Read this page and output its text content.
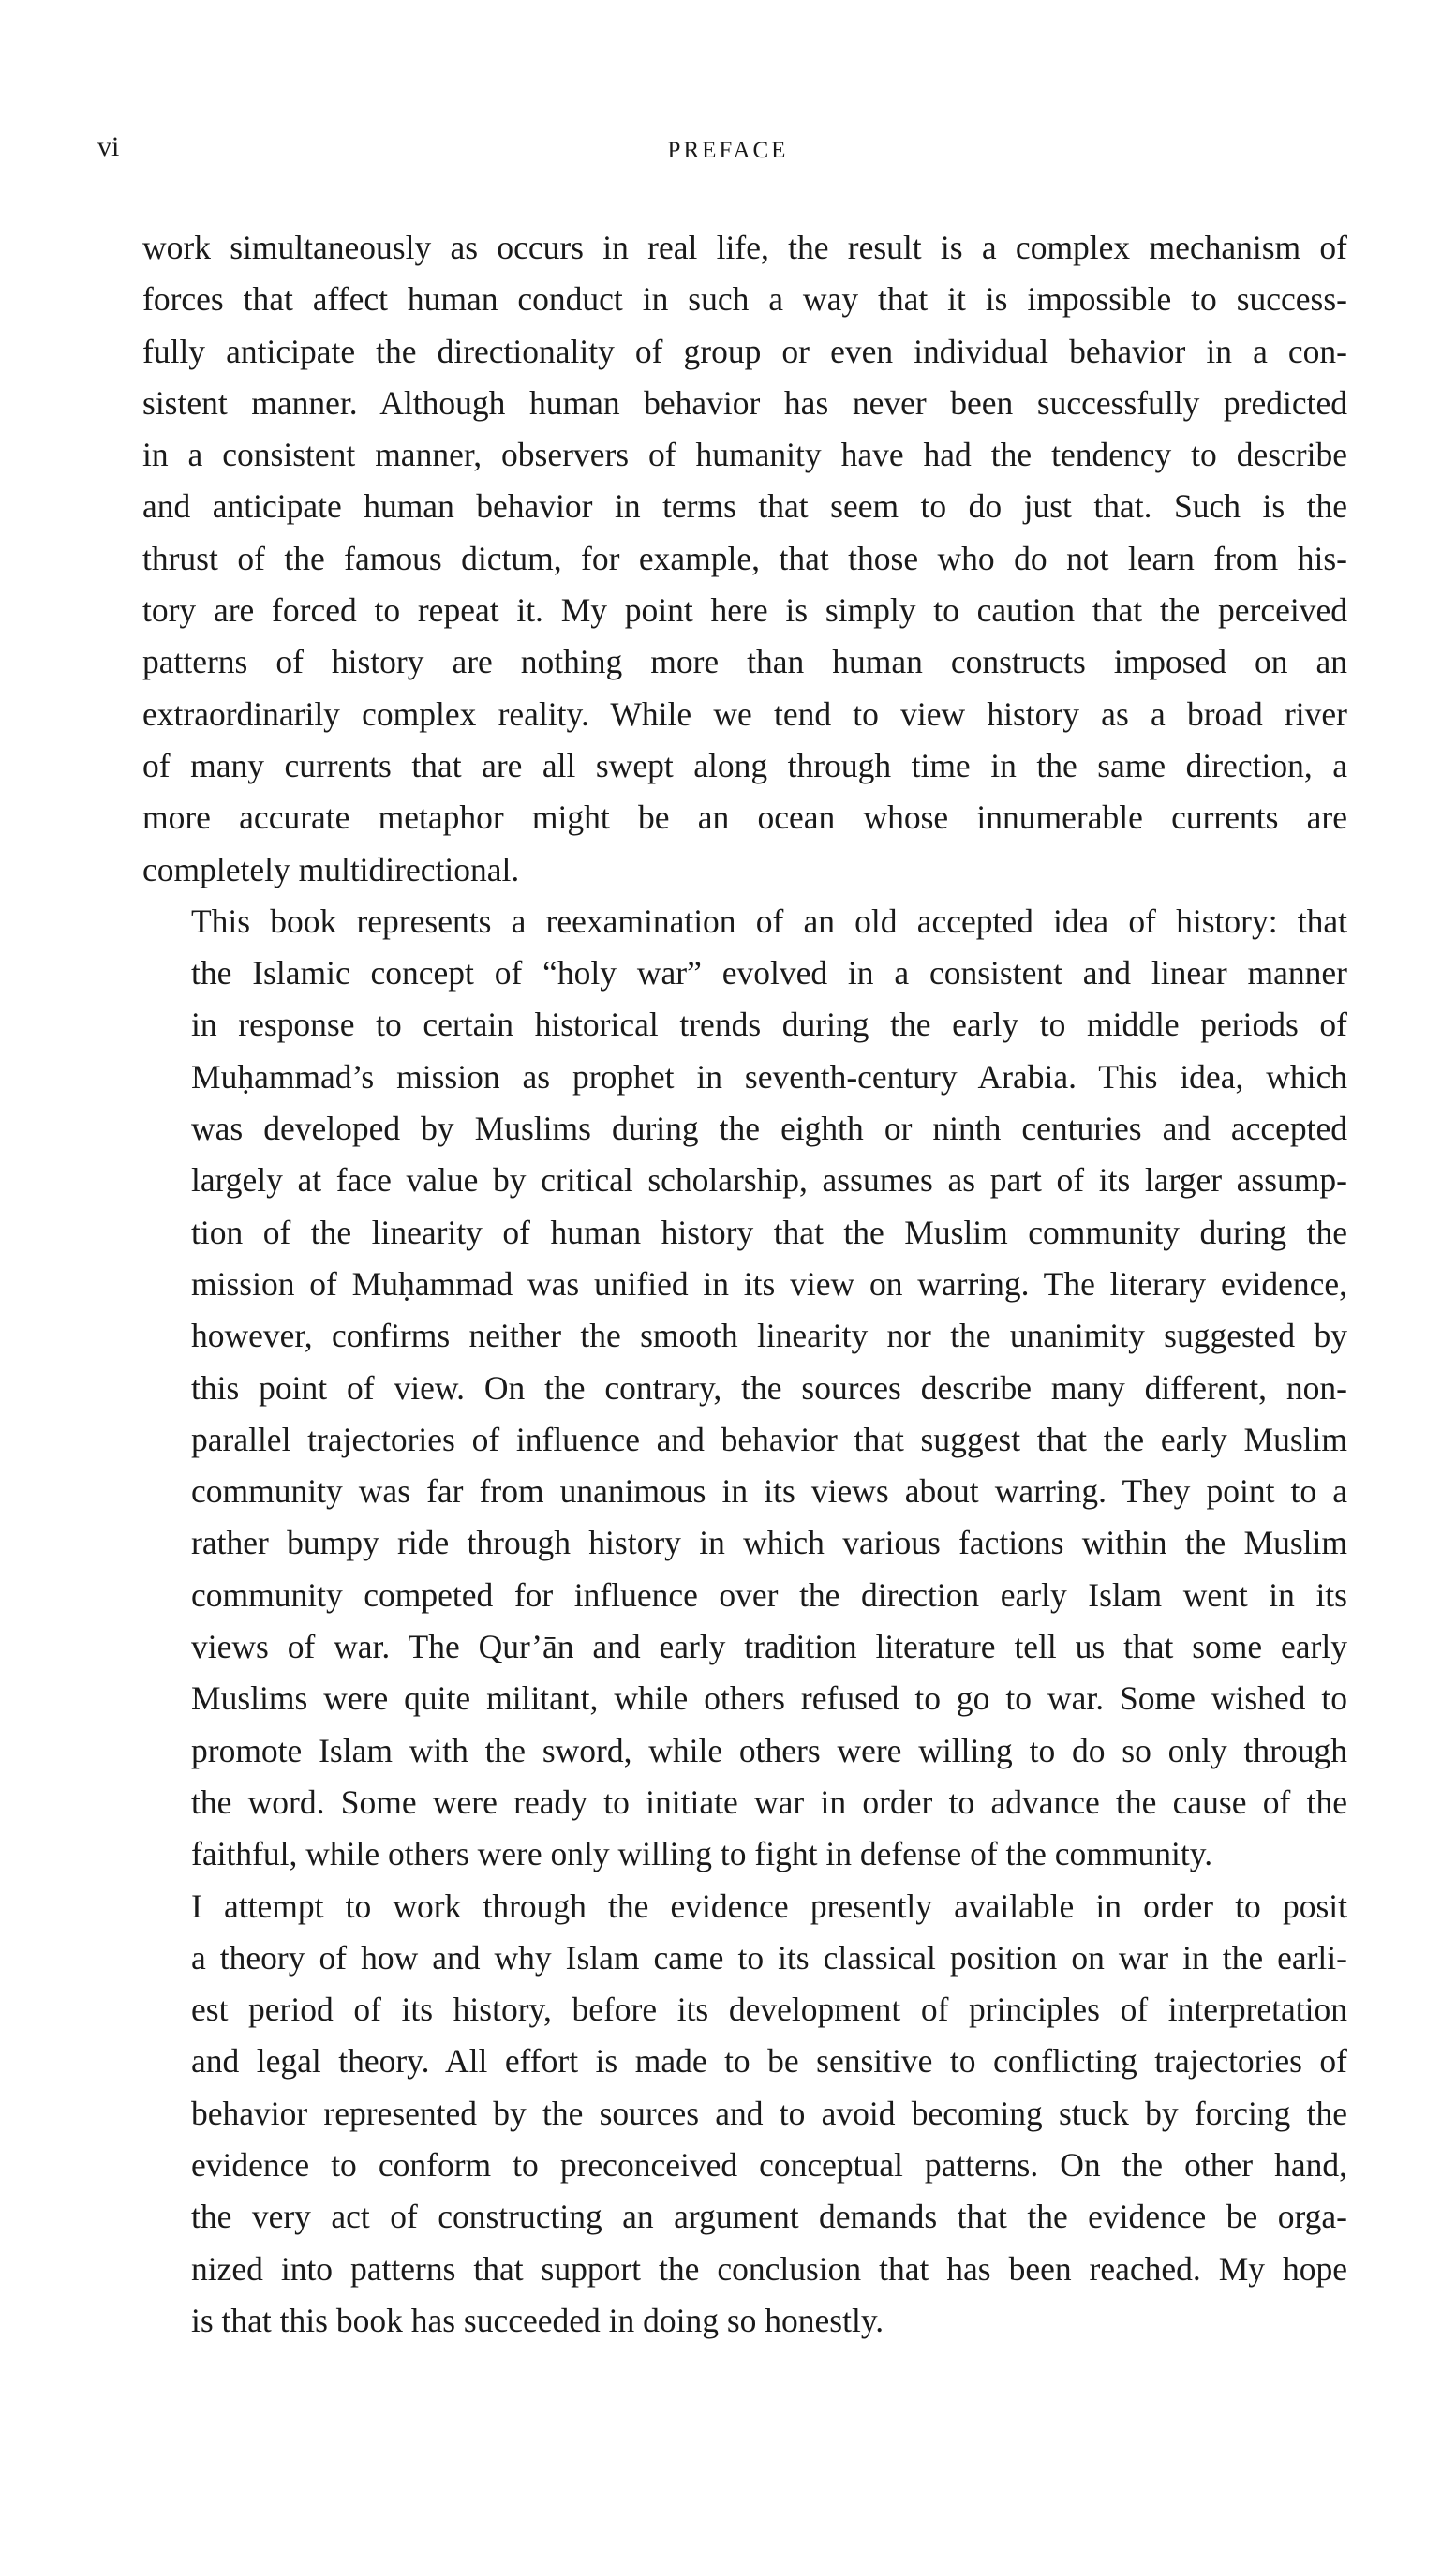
vi	PREFACE

work simultaneously as occurs in real life, the result is a complex mechanism of
forces that affect human conduct in such a way that it is impossible to success-
fully anticipate the directionality of group or even individual behavior in a con-
sistent manner. Although human behavior has never been successfully predicted
in a consistent manner, observers of humanity have had the tendency to describe
and anticipate human behavior in terms that seem to do just that. Such is the
thrust of the famous dictum, for example, that those who do not learn from his-
tory are forced to repeat it. My point here is simply to caution that the perceived
patterns of history are nothing more than human constructs imposed on an
extraordinarily complex reality. While we tend to view history as a broad river
of many currents that are all swept along through time in the same direction, a
more accurate metaphor might be an ocean whose innumerable currents are
completely multidirectional.

This book represents a reexamination of an old accepted idea of history: that
the Islamic concept of “holy war” evolved in a consistent and linear manner
in response to certain historical trends during the early to middle periods of
Muḥammad’s mission as prophet in seventh-century Arabia. This idea, which
was developed by Muslims during the eighth or ninth centuries and accepted
largely at face value by critical scholarship, assumes as part of its larger assump-
tion of the linearity of human history that the Muslim community during the
mission of Muḥammad was unified in its view on warring. The literary evidence,
however, confirms neither the smooth linearity nor the unanimity suggested by
this point of view. On the contrary, the sources describe many different, non-
parallel trajectories of influence and behavior that suggest that the early Muslim
community was far from unanimous in its views about warring. They point to a
rather bumpy ride through history in which various factions within the Muslim
community competed for influence over the direction early Islam went in its
views of war. The Qur’ān and early tradition literature tell us that some early
Muslims were quite militant, while others refused to go to war. Some wished to
promote Islam with the sword, while others were willing to do so only through
the word. Some were ready to initiate war in order to advance the cause of the
faithful, while others were only willing to fight in defense of the community.

I attempt to work through the evidence presently available in order to posit
a theory of how and why Islam came to its classical position on war in the earli-
est period of its history, before its development of principles of interpretation
and legal theory. All effort is made to be sensitive to conflicting trajectories of
behavior represented by the sources and to avoid becoming stuck by forcing the
evidence to conform to preconceived conceptual patterns. On the other hand,
the very act of constructing an argument demands that the evidence be orga-
nized into patterns that support the conclusion that has been reached. My hope
is that this book has succeeded in doing so honestly.
